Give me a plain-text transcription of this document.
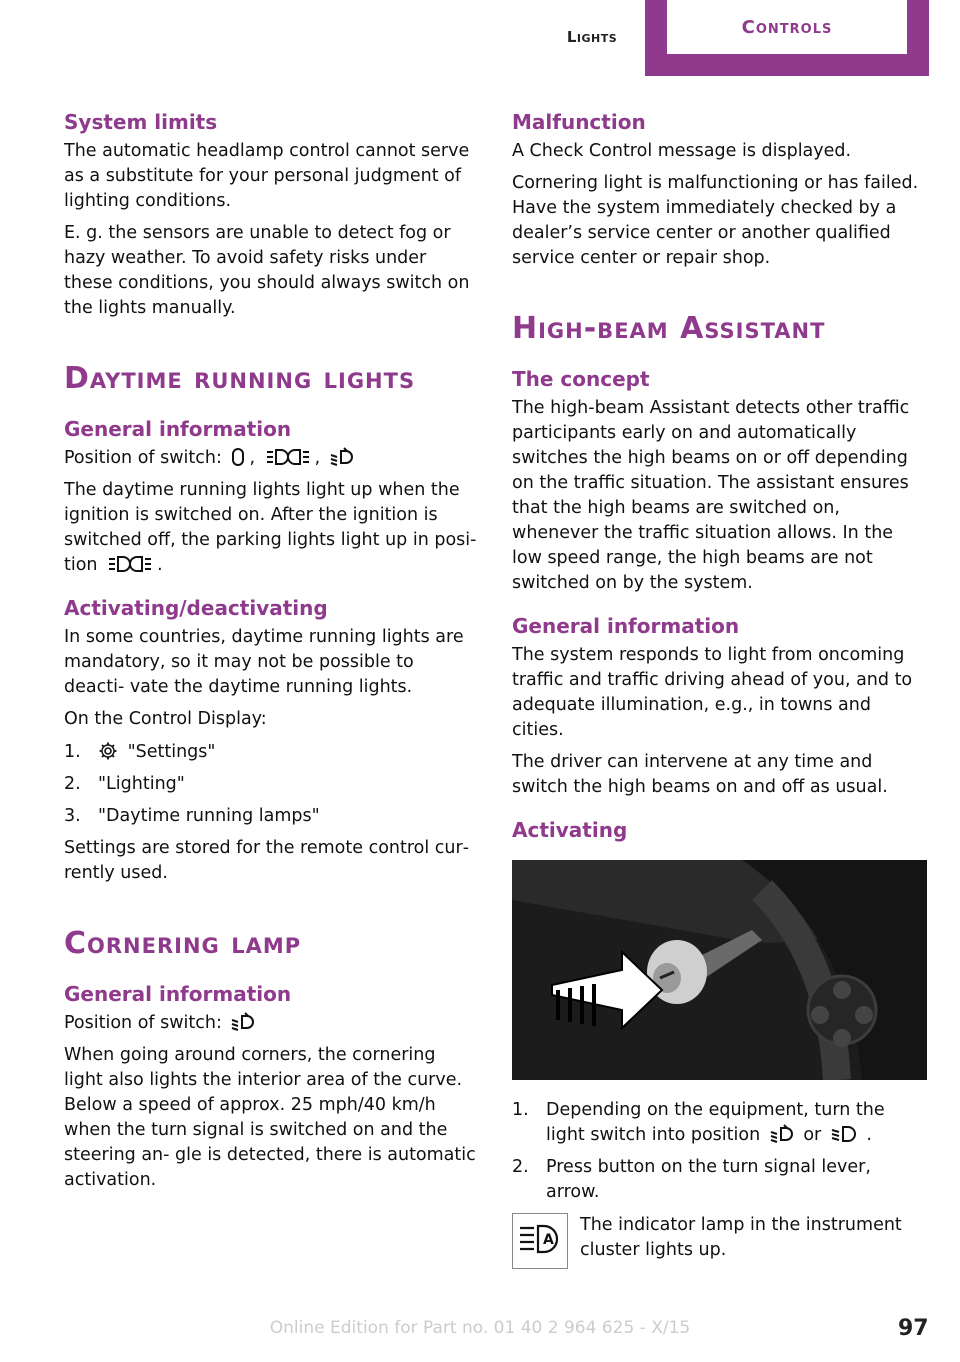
Lights	Controls
System limits

The automatic headlamp control cannot serve as a substitute for your personal judgment of lighting conditions.

E. g. the sensors are unable to detect fog or hazy weather. To avoid safety risks under these conditions, you should always switch on the lights manually.

Daytime running lights
General information

Position of switch: ,	,

The daytime running lights light up when the ignition is switched on. After the ignition is switched off, the parking lights light up in posi‐ tion	.

Activating/deactivating

In some countries, daytime running lights are mandatory, so it may not be possible to deacti‐ vate the daytime running lights.

On the Control Display:

1.	"Settings"
2. "Lighting"
3. "Daytime running lamps"

Settings are stored for the remote control cur‐ rently used.

Cornering lamp
General information

Position of switch:

When going around corners, the cornering light also lights the interior area of the curve. Below a speed of approx. 25 mph/40 km/h when the turn signal is switched on and the steering an‐ gle is detected, there is automatic activation.

Malfunction

A Check Control message is displayed.

Cornering light is malfunctioning or has failed. Have the system immediately checked by a dealer’s service center or another qualified service center or repair shop.

High-beam Assistant
The concept

The high-beam Assistant detects other traffic participants early on and automatically switches the high beams on or off depending on the traffic situation. The assistant ensures that the high beams are switched on, whenever the traffic situation allows. In the low speed range, the high beams are not switched on by the system.

General information

The system responds to light from oncoming traffic and traffic driving ahead of you, and to adequate illumination, e.g., in towns and cities.

The driver can intervene at any time and switch the high beams on and off as usual.

Activating
1. Depending on the equipment, turn the light switch into position or	.
2. Press button on the turn signal lever, arrow.
A
The indicator lamp in the instrument cluster lights up.
Online Edition for Part no. 01 40 2 964 625 - X/15	97
